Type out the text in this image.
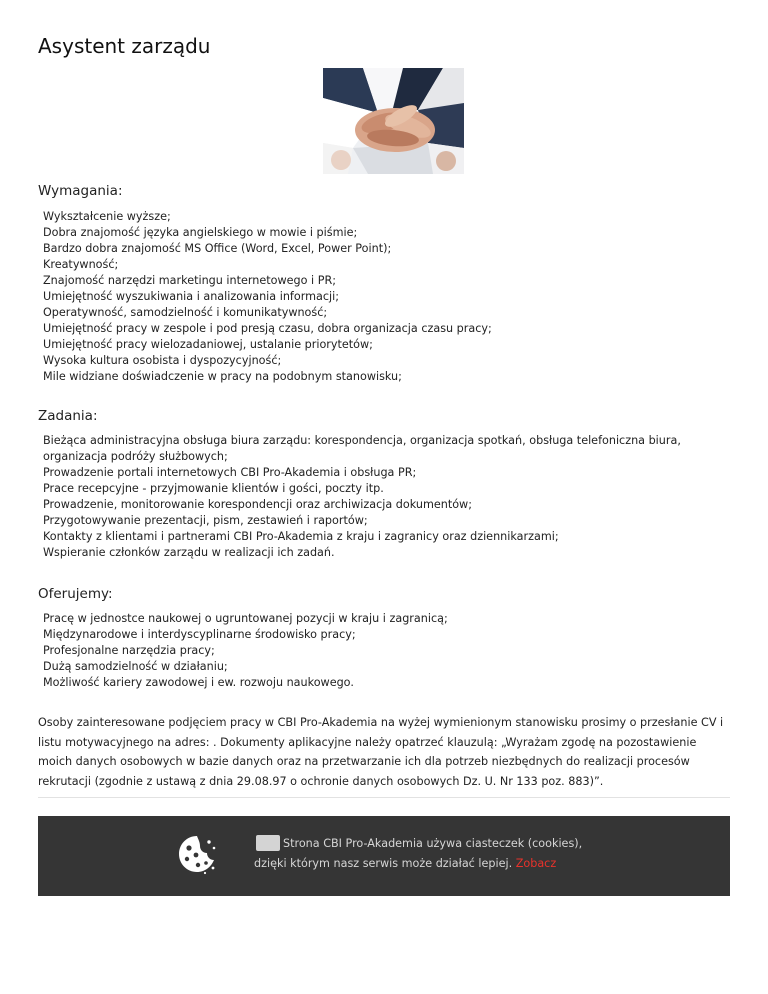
Asystent zarządu
Wymagania:
Wykształcenie wyższe;
Dobra znajomość języka angielskiego w mowie i piśmie;
Bardzo dobra znajomość MS Office (Word, Excel, Power Point);
Kreatywność;
Znajomość narzędzi marketingu internetowego i PR;
Umiejętność wyszukiwania i analizowania informacji;
Operatywność, samodzielność i komunikatywność;
Umiejętność pracy w zespole i pod presją czasu, dobra organizacja czasu pracy;
Umiejętność pracy wielozadaniowej, ustalanie priorytetów;
Wysoka kultura osobista i dyspozycyjność;
Mile widziane doświadczenie w pracy na podobnym stanowisku;
Zadania:
Bieżąca administracyjna obsługa biura zarządu: korespondencja, organizacja spotkań, obsługa telefoniczna biura, organizacja podróży służbowych;
Prowadzenie portali internetowych CBI Pro-Akademia i obsługa PR;
Prace recepcyjne - przyjmowanie klientów i gości, poczty itp.
Prowadzenie, monitorowanie korespondencji oraz archiwizacja dokumentów;
Przygotowywanie prezentacji, pism, zestawień i raportów;
Kontakty z klientami i partnerami CBI Pro-Akademia z kraju i zagranicy oraz dziennikarzami;
Wspieranie członków zarządu w realizacji ich zadań.
Oferujemy:
Pracę w jednostce naukowej o ugruntowanej pozycji w kraju i zagranicą;
Międzynarodowe i interdyscyplinarne środowisko pracy;
Profesjonalne narzędzia pracy;
Dużą samodzielność w działaniu;
Możliwość kariery zawodowej i ew. rozwoju naukowego.

Osoby zainteresowane podjęciem pracy w CBI Pro-Akademia na wyżej wymienionym stanowisku prosimy o przesłanie CV i listu motywacyjnego na adres: . Dokumenty aplikacyjne należy opatrzeć klauzulą: „Wyrażam zgodę na pozostawienie moich danych osobowych w bazie danych oraz na przetwarzanie ich dla potrzeb niezbędnych do realizacji procesów rekrutacji (zgodnie z ustawą z dnia 29.08.97 o ochronie danych osobowych Dz. U. Nr 133 poz. 883)”.

Strona CBI Pro-Akademia używa ciasteczek (cookies),
dzięki którym nasz serwis może działać lepiej. Zobacz
